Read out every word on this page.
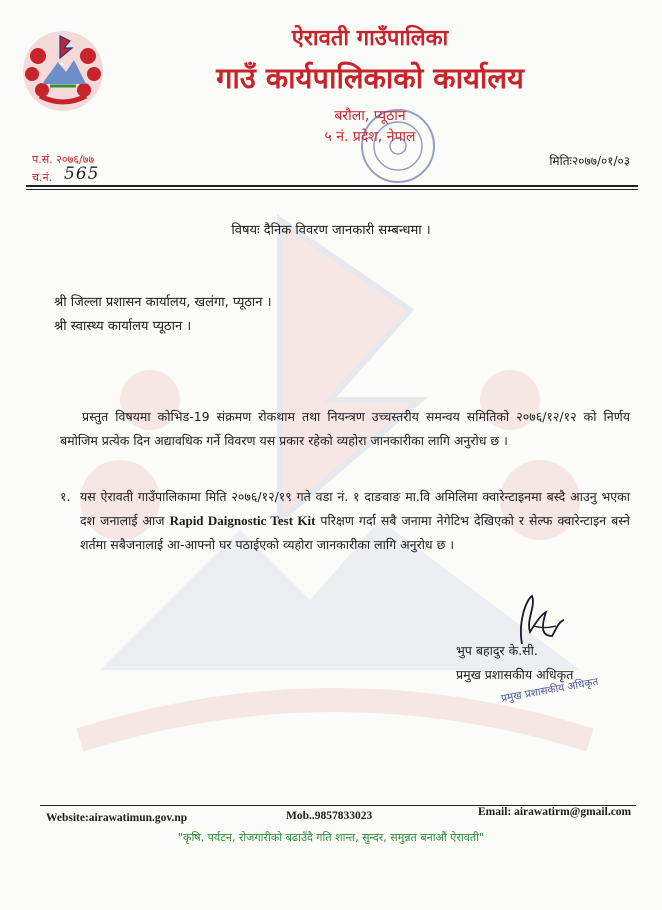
ऐरावती गाउँपालिका
गाउँ कार्यपालिकाको कार्यालय
बरौला, प्यूठान
५ नं. प्रदेश, नेपाल
प.सं. २०७६/७७
च.नं. 565
मितिः२०७७/०१/०३
विषयः दैनिक विवरण जानकारी सम्बन्धमा ।
श्री जिल्ला प्रशासन कार्यालय, खलंगा, प्यूठान ।
श्री स्वास्थ्य कार्यालय प्यूठान ।
प्रस्तुत विषयमा कोभिड-19 संक्रमण रोकथाम तथा नियन्त्रण उच्चस्तरीय समन्वय समितिको २०७६/१२/१२ को निर्णय बमोजिम प्रत्येक दिन अद्यावधिक गर्ने विवरण यस प्रकार रहेको व्यहोरा जानकारीका लागि अनुरोध छ ।
१. यस ऐरावती गाउँपालिकामा मिति २०७६/१२/१९ गते वडा नं. १ दाङवाङ मा.वि अमिलिमा क्वारेन्टाइनमा बस्दै आउनु भएका दश जनालाई आज Rapid Daignostic Test Kit परिक्षण गर्दा सबै जनामा नेगेटिभ देखिएको र सेल्फ क्वारेन्टाइन बस्ने शर्तमा सबैजनालाई आ-आफ्नो घर पठाईएको व्यहोरा जानकारीका लागि अनुरोध छ ।
भुप बहादुर के.सी.
प्रमुख प्रशासकीय अधिकृत
प्रमुख प्रशासकीय अधिकृत
Website:airawatimun.gov.np	Mob..9857833023	Email: airawatirm@gmail.com
"कृषि, पर्यटन, रोजगारीको बढाउँदै गति शान्त, सुन्दर, समुन्नत बनाऔं ऐरावती"
